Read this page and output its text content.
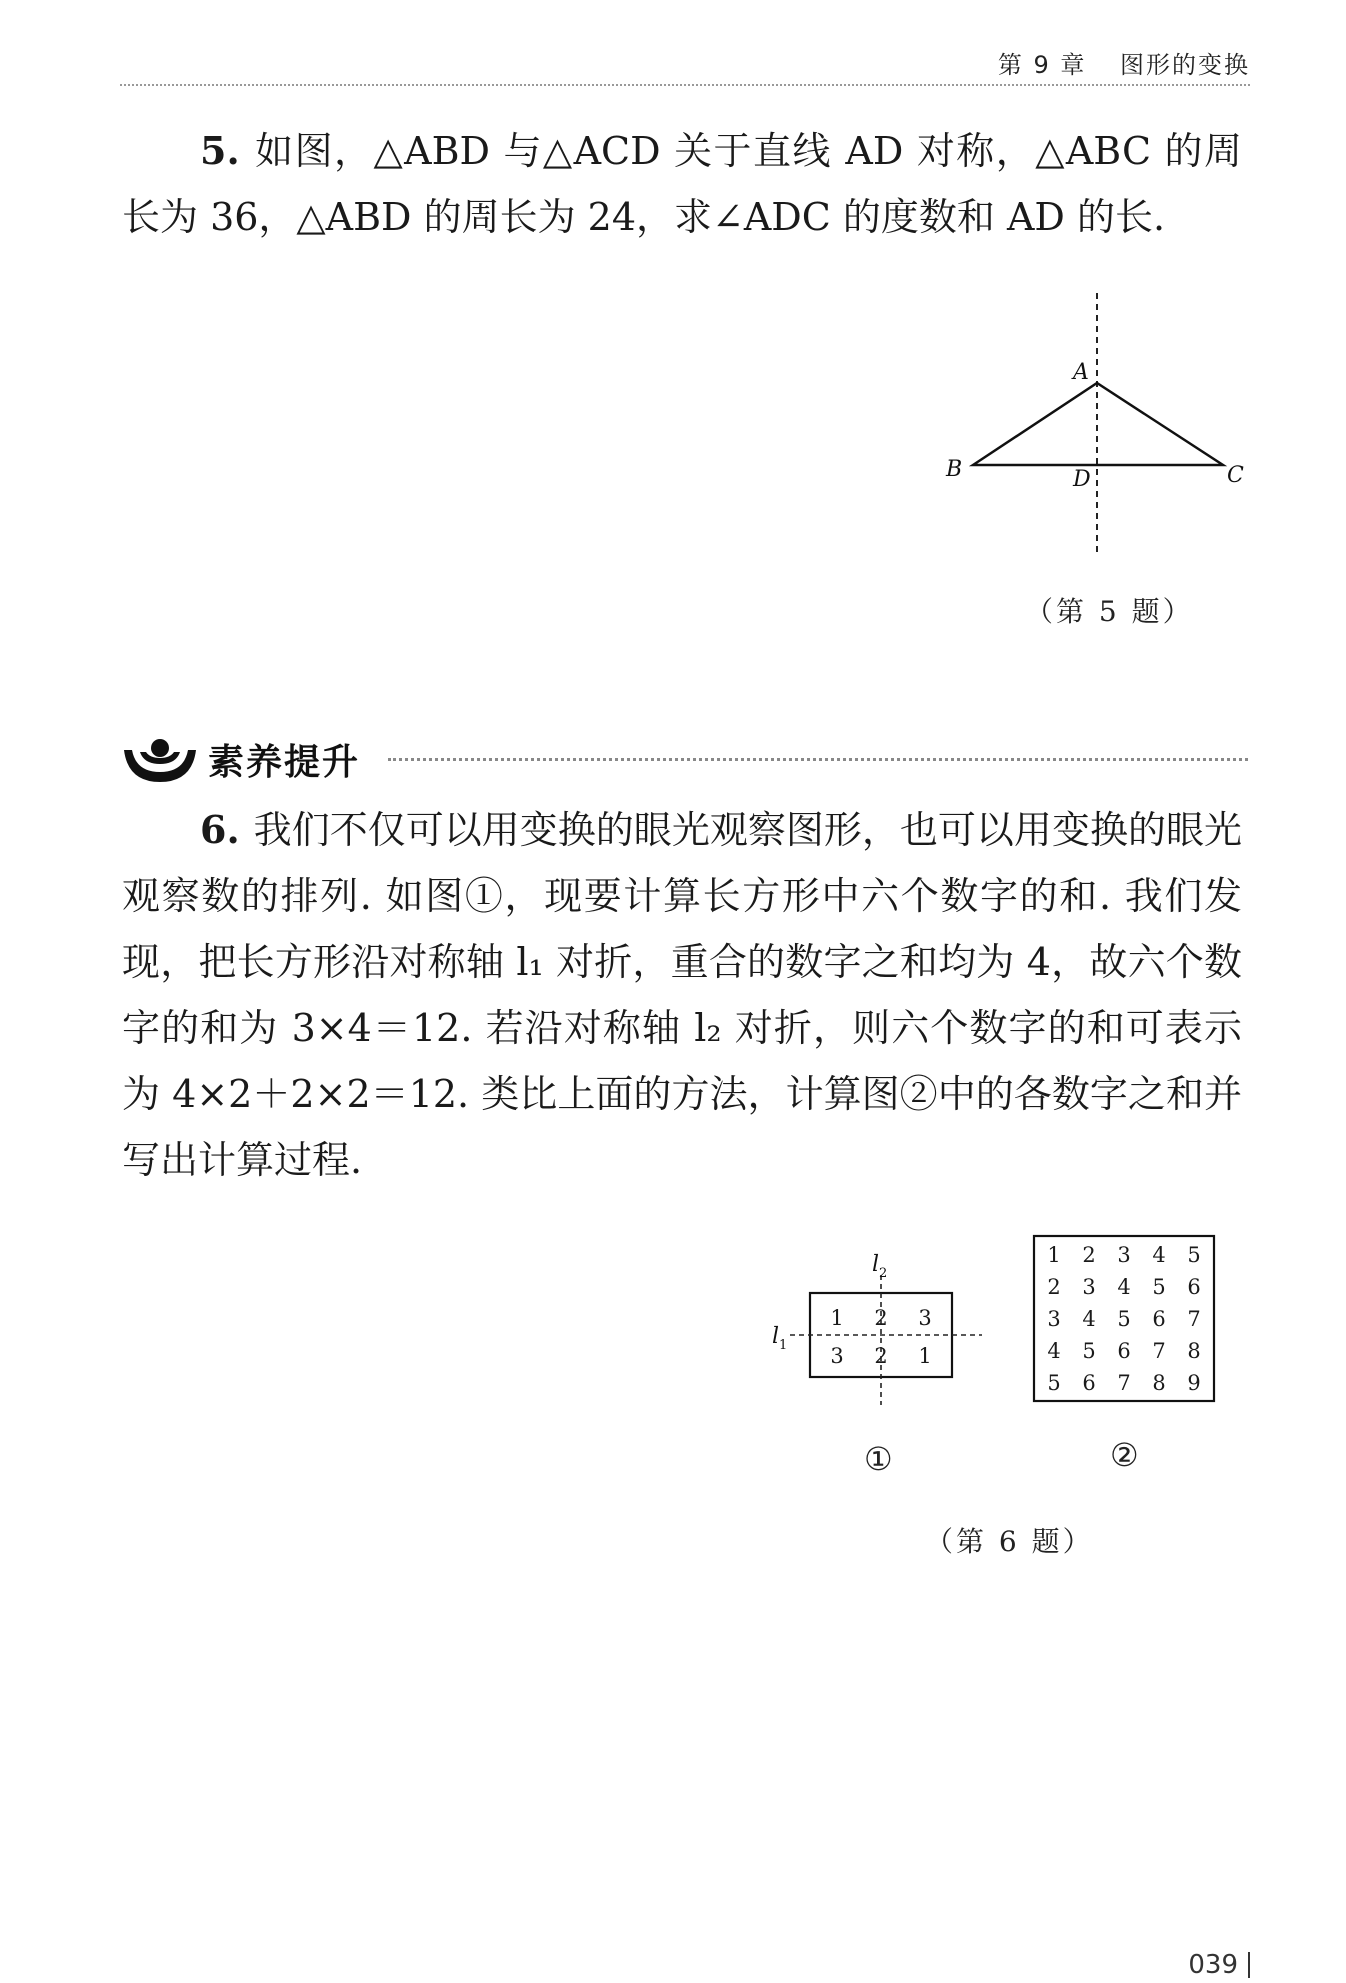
第 9 章 图形的变换
5. 如图，△ABD 与△ACD 关于直线 AD 对称，△ABC 的周长为 36，△ABD 的周长为 24，求∠ADC 的度数和 AD 的长.
A
B	C
D
（第 5 题）
素养提升
6. 我们不仅可以用变换的眼光观察图形，也可以用变换的眼光观察数的排列. 如图①，现要计算长方形中六个数字的和. 我们发现，把长方形沿对称轴 l₁ 对折，重合的数字之和均为 4，故六个数字的和为 3×4＝12. 若沿对称轴 l₂ 对折，则六个数字的和可表示为 4×2＋2×2＝12. 类比上面的方法，计算图②中的各数字之和并写出计算过程.
$l_2$
$l_1$
1 2 3
3 2 1
①
1 2 3 4 5
2 3 4 5 6
3 4 5 6 7
4 5 6 7 8
5 6 7 8 9
②
（第 6 题）
039
